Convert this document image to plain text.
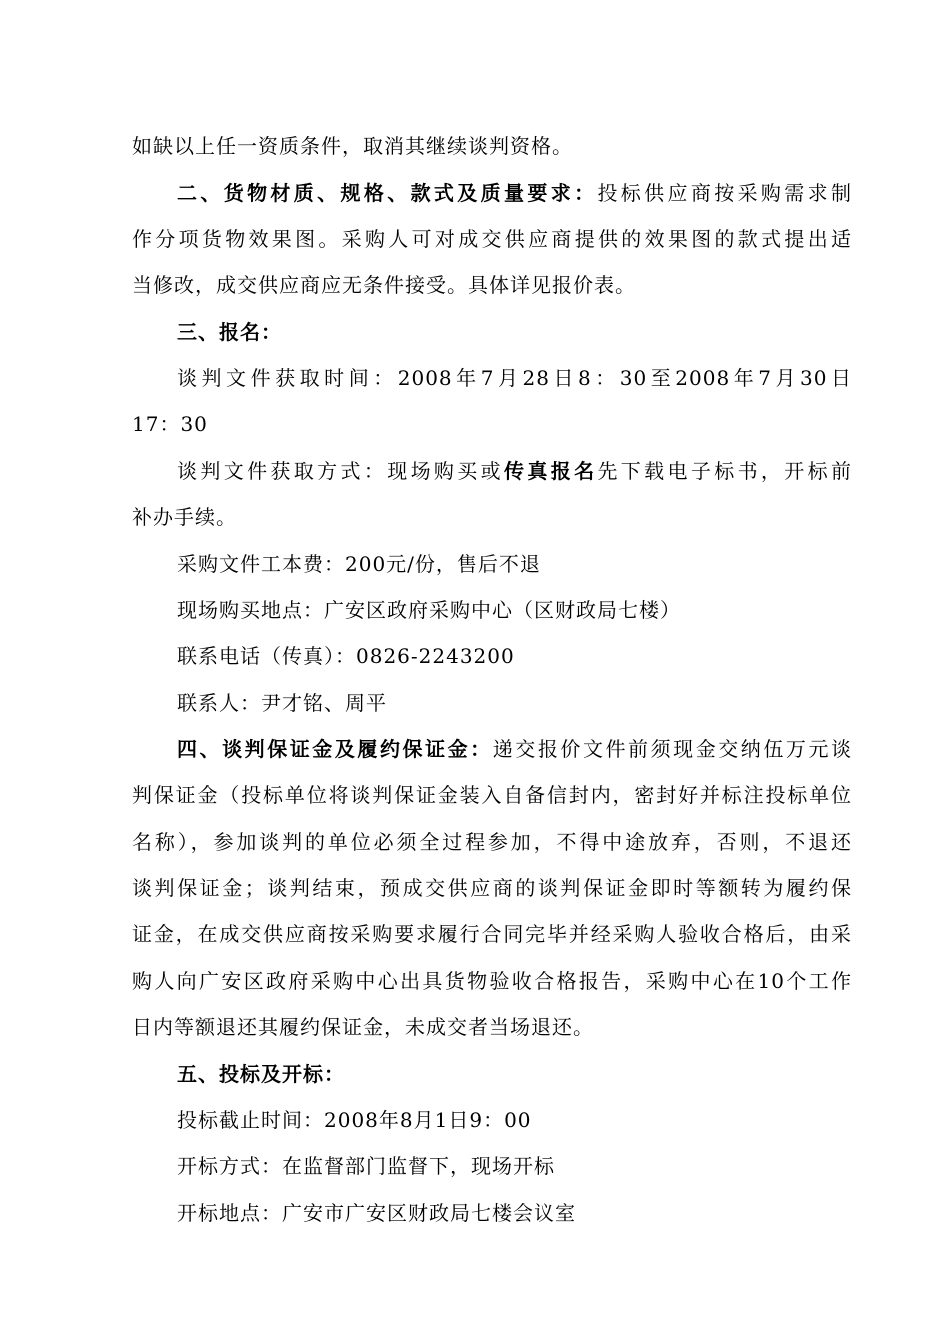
如缺以上任一资质条件，取消其继续谈判资格。
二、货物材质、规格、款式及质量要求：投标供应商按采购需求制
作分项货物效果图。采购人可对成交供应商提供的效果图的款式提出适
当修改，成交供应商应无条件接受。具体详见报价表。
三、报名：
谈判文件获取时间：2008年7月28日8：30至2008年7月30日
17：30
谈判文件获取方式：现场购买或传真报名先下载电子标书，开标前
补办手续。
采购文件工本费：200元/份，售后不退
现场购买地点：广安区政府采购中心（区财政局七楼）
联系电话（传真）：0826-2243200
联系人：尹才铭、周平
四、谈判保证金及履约保证金：递交报价文件前须现金交纳伍万元谈
判保证金（投标单位将谈判保证金装入自备信封内，密封好并标注投标单位
名称），参加谈判的单位必须全过程参加，不得中途放弃，否则，不退还
谈判保证金；谈判结束，预成交供应商的谈判保证金即时等额转为履约保
证金，在成交供应商按采购要求履行合同完毕并经采购人验收合格后，由采
购人向广安区政府采购中心出具货物验收合格报告，采购中心在10个工作
日内等额退还其履约保证金，未成交者当场退还。
五、投标及开标：
投标截止时间：2008年8月1日9：00
开标方式：在监督部门监督下，现场开标
开标地点：广安市广安区财政局七楼会议室
